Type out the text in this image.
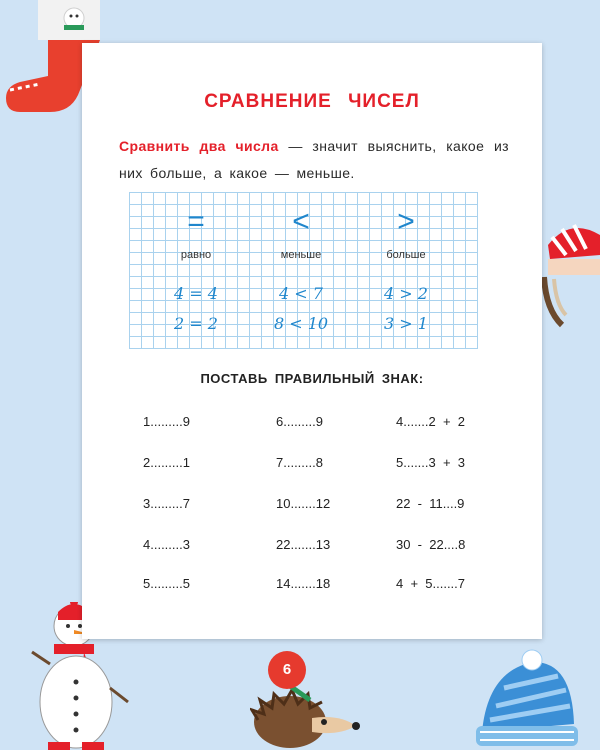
6
СРАВНЕНИЕ ЧИСЕЛ
Сравнить два числа — значит выяснить, какое из них больше, а какое — меньше.
=
равно
4 = 4
2 = 2
<
меньше
4 < 7
8 < 10
>
больше
4 > 2
3 > 1
ПОСТАВЬ ПРАВИЛЬНЫЙ ЗНАК:
1.........9
2.........1
3.........7
4.........3
5.........5
6.........9
7.........8
10.......12
22.......13
14.......18
4.......2  +  2
5.......3  +  3
22  -  11....9
30  -  22....8
4  +  5.......7
